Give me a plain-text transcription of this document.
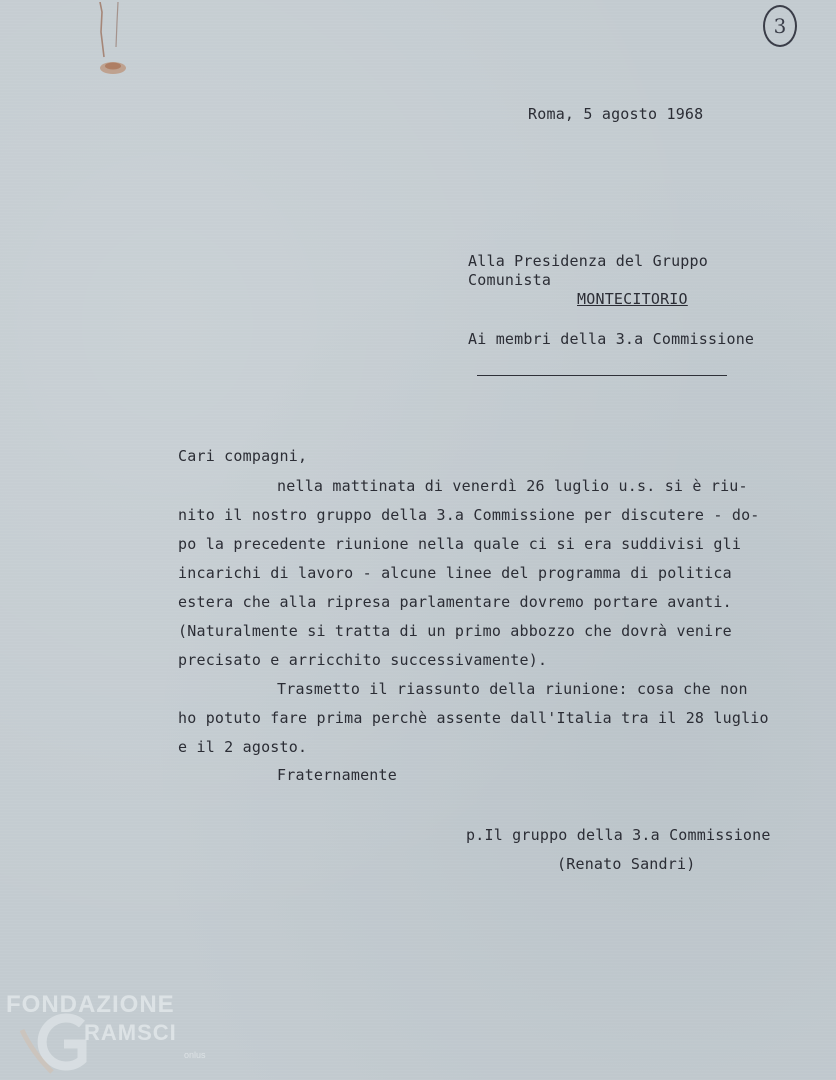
3
Roma, 5 agosto 1968
Alla Presidenza del Gruppo
Comunista
MONTECITORIO
Ai membri della 3.a Commissione
Cari compagni,
nella mattinata di venerdì 26 luglio u.s. si è riu-
nito il nostro gruppo della 3.a Commissione per discutere - do-
po la precedente riunione nella quale ci si era suddivisi gli
incarichi di lavoro - alcune linee del programma di politica
estera che alla ripresa parlamentare dovremo portare avanti.
(Naturalmente si tratta di un primo abbozzo che dovrà venire
precisato e arricchito successivamente).
Trasmetto il riassunto della riunione: cosa che non
ho potuto fare prima perchè assente dall'Italia tra il 28 luglio
e il 2 agosto.
Fraternamente
p.Il gruppo della 3.a Commissione
(Renato Sandri)
FONDAZIONE
RAMSCI
onlus
